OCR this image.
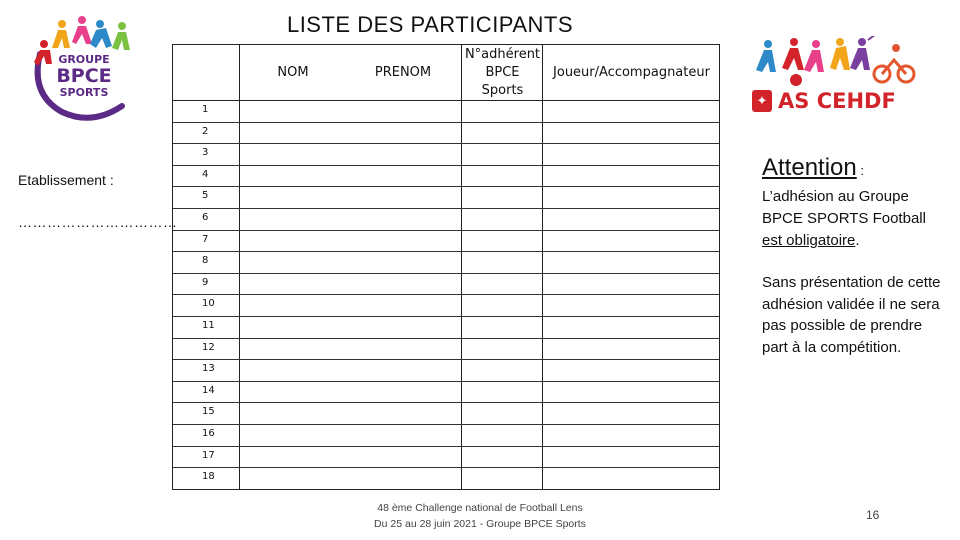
LISTE DES PARTICIPANTS
GROUPE
BPCE
SPORTS
✦ AS CEHDF
Etablissement :
……………………………
NOM	PRENOM
N°adhérent BPCE Sports
Joueur/Accompagnateur
1
2
3
4
5
6
7
8
9
10
11
12
13
14
15
16
17
18
Attention :
L’adhésion au Groupe BPCE SPORTS Football est obligatoire.
Sans présentation de cette adhésion validée il ne sera pas possible de prendre part à la compétition.
48 ème Challenge national de Football Lens
Du 25 au 28 juin 2021 - Groupe BPCE Sports
16
